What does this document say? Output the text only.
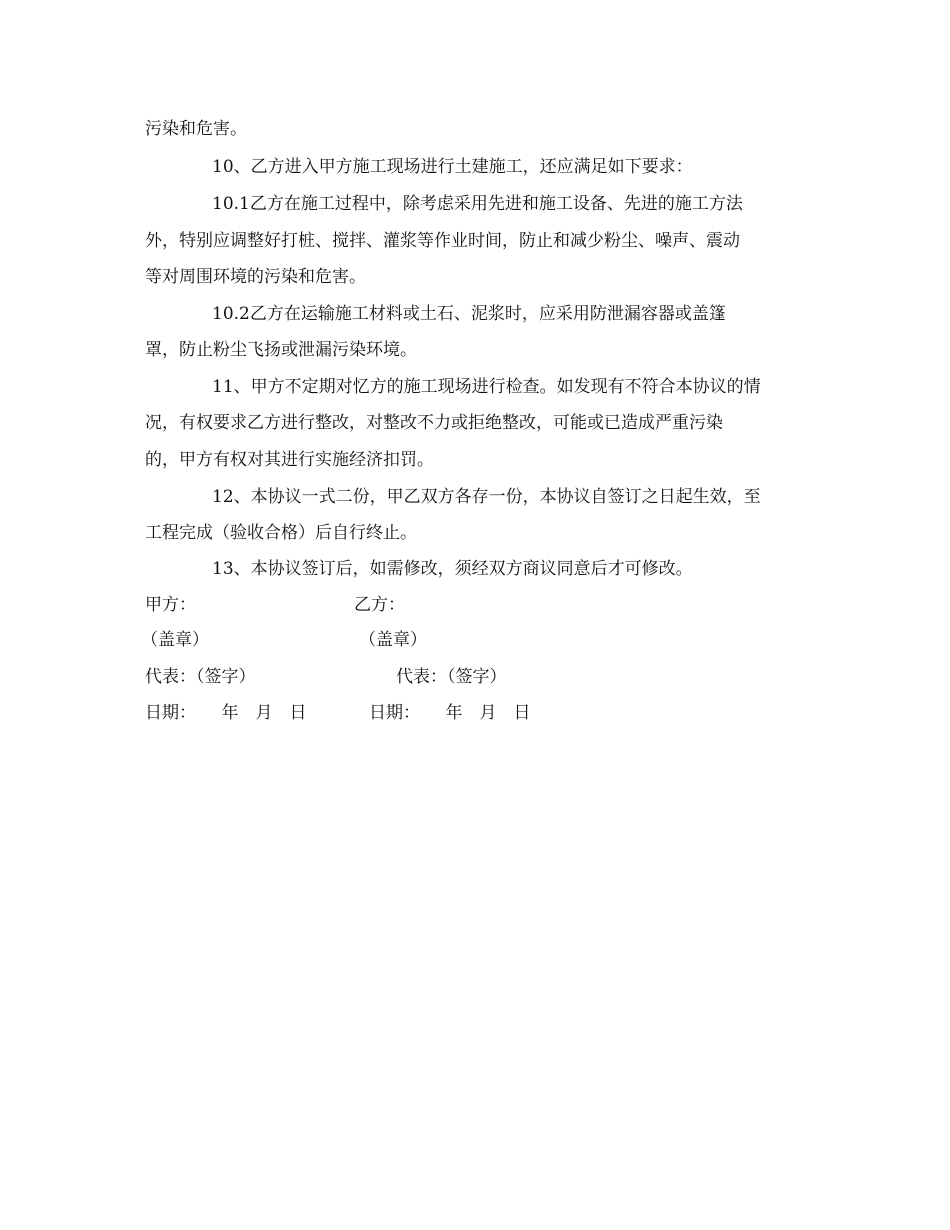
污染和危害。
10、乙方进入甲方施工现场进行土建施工，还应满足如下要求：
10.1乙方在施工过程中，除考虑采用先进和施工设备、先进的施工方法
外，特别应调整好打桩、搅拌、灌浆等作业时间，防止和减少粉尘、噪声、震动
等对周围环境的污染和危害。
10.2乙方在运输施工材料或土石、泥浆时，应采用防泄漏容器或盖篷
罩，防止粉尘飞扬或泄漏污染环境。
11、甲方不定期对忆方的施工现场进行检查。如发现有不符合本协议的情
况，有权要求乙方进行整改，对整改不力或拒绝整改，可能或已造成严重污染
的，甲方有权对其进行实施经济扣罚。
12、本协议一式二份，甲乙双方各存一份，本协议自签订之日起生效，至
工程完成（验收合格）后自行终止。
13、本协议签订后，如需修改，须经双方商议同意后才可修改。
甲方：	乙方：
（盖章）	（盖章）
代表：（签字）	代表：（签字）
日期：　　年　月　日	日期：　　年　月　日
